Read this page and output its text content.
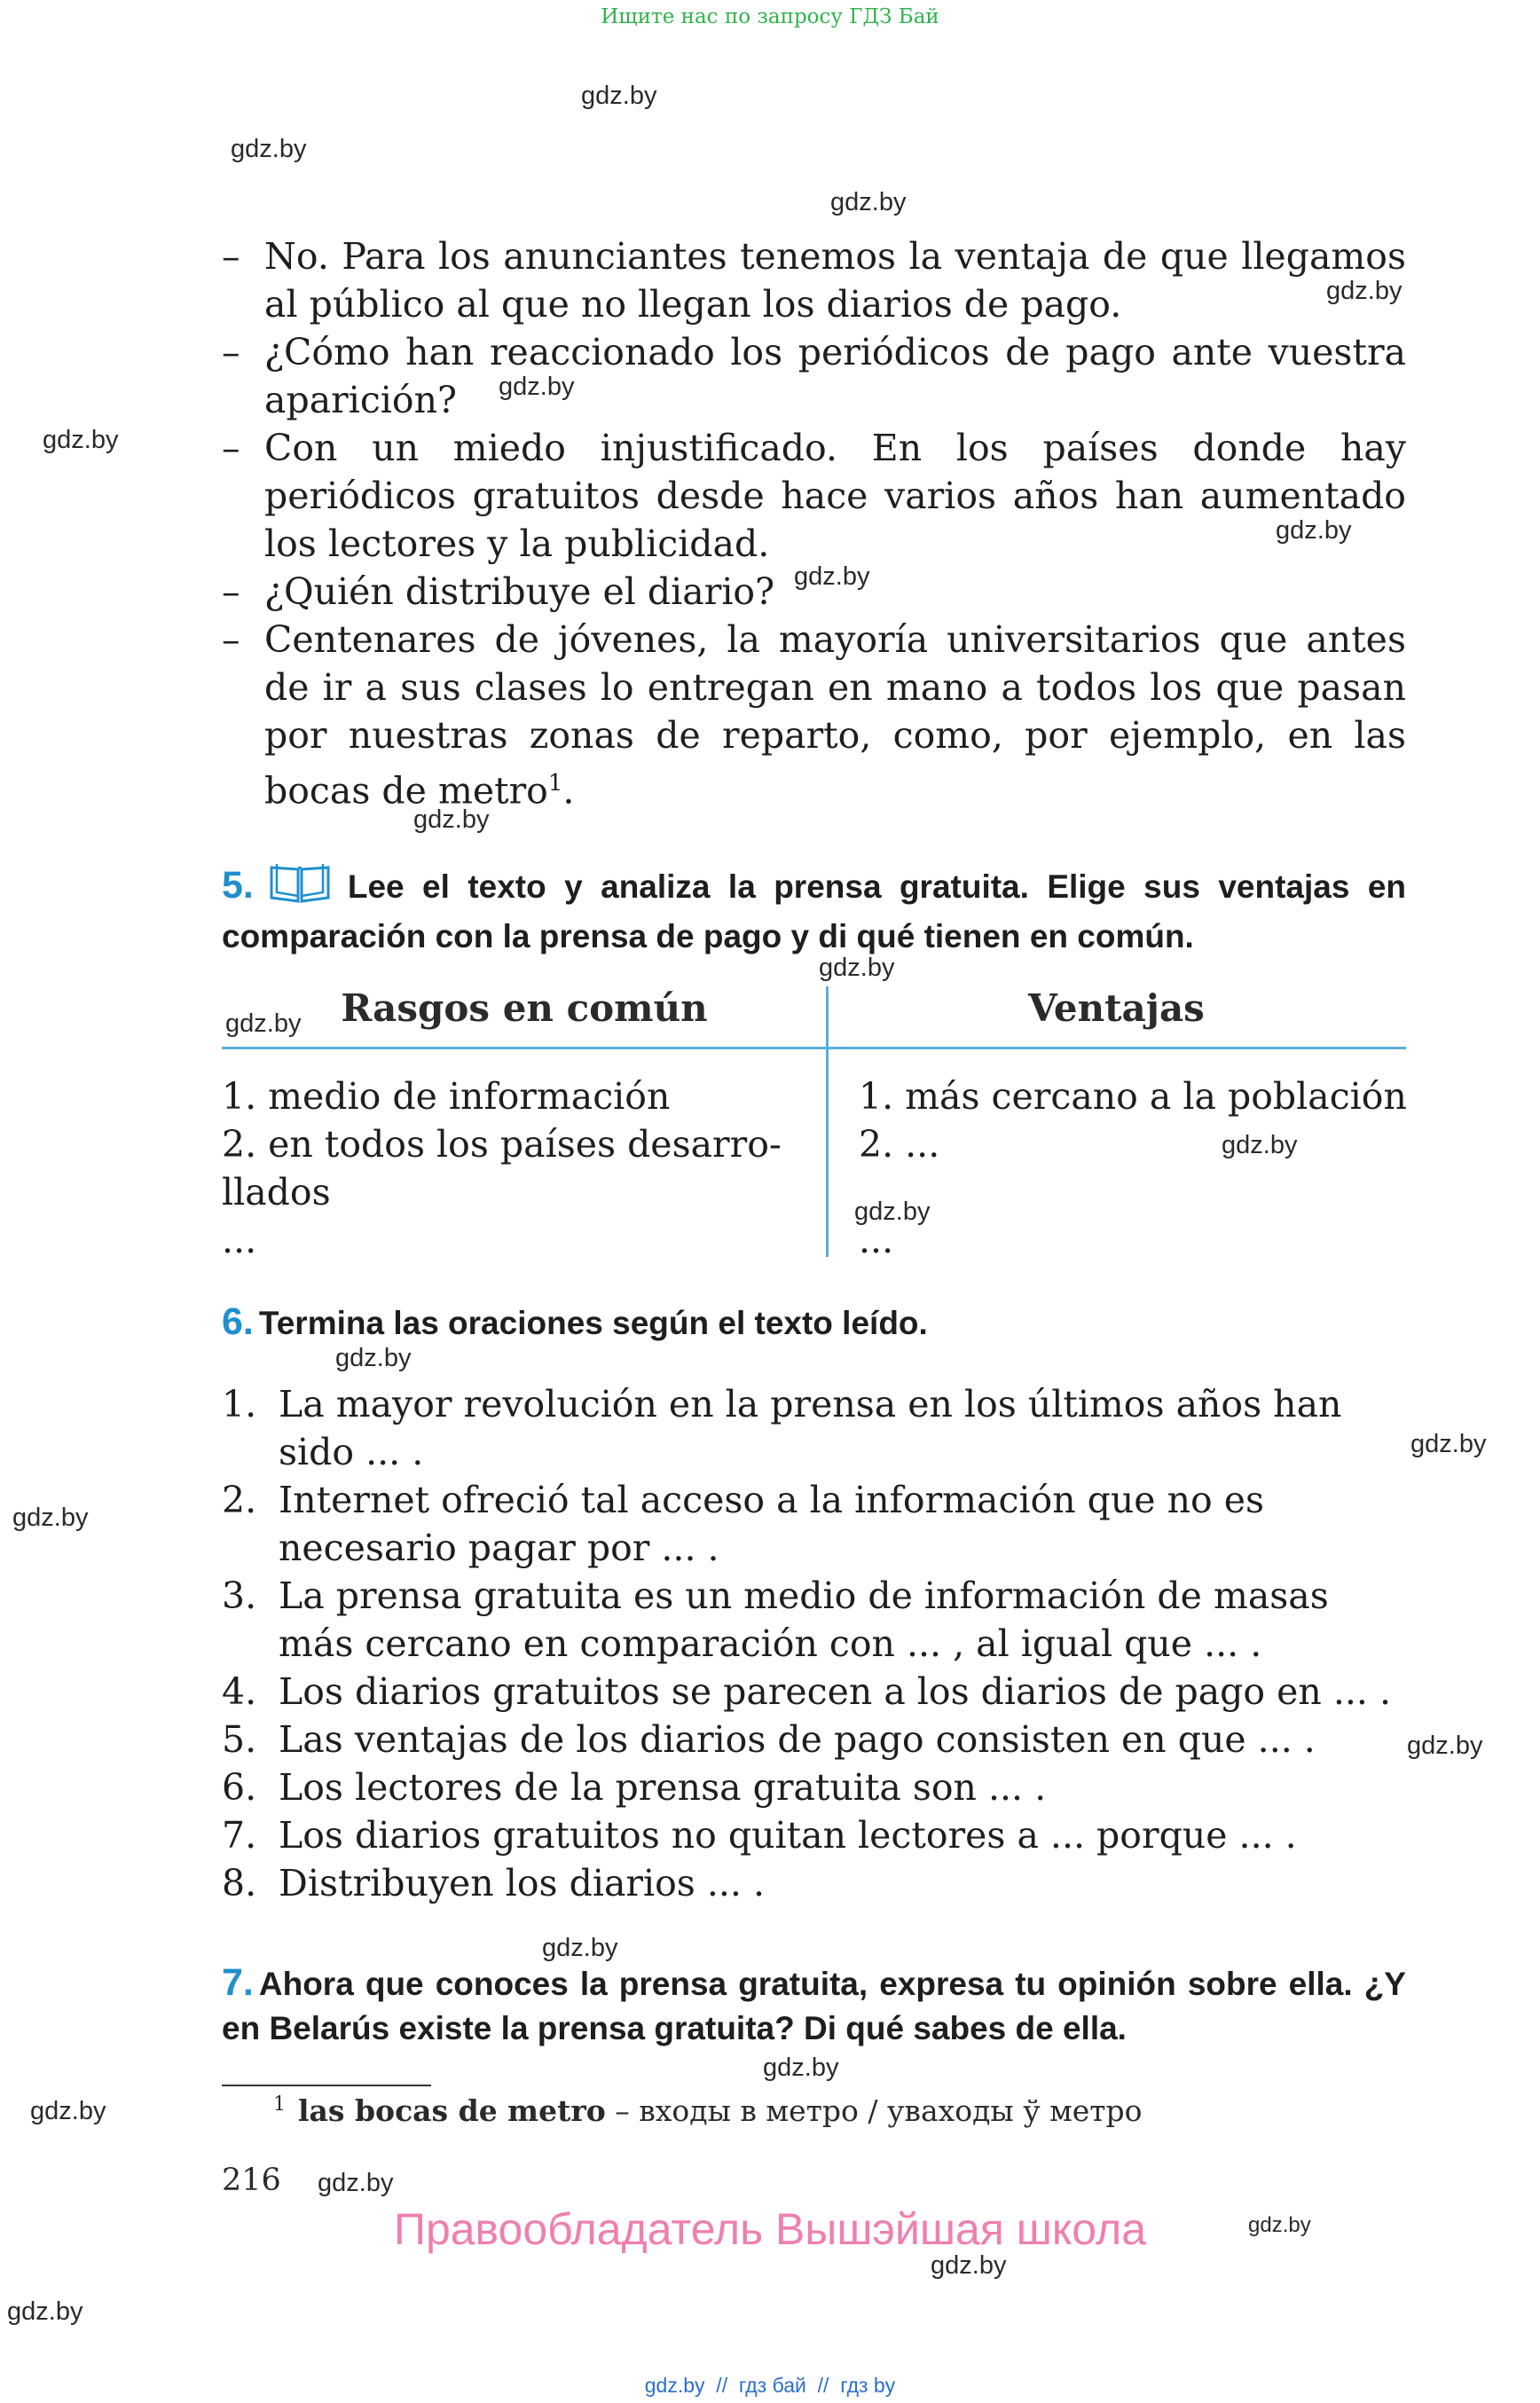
Ищите нас по запросу ГДЗ Бай
gdz.by
gdz.by
gdz.by
gdz.by
gdz.by
gdz.by
gdz.by
gdz.by
gdz.by
gdz.by
gdz.by
gdz.by
gdz.by
gdz.by
gdz.by
gdz.by
gdz.by
gdz.by
gdz.by
gdz.by
gdz.by
gdz.by
gdz.by
gdz.by
– No. Para los anunciantes tenemos la ventaja de que llegamos al público al que no llegan los diarios de pago.
– ¿Cómo han reaccionado los periódicos de pago ante vuestra aparición?
– Con un miedo injustificado. En los países donde hay periódicos gratuitos desde hace varios años han aumentado los lectores y la publicidad.
– ¿Quién distribuye el diario?
– Centenares de jóvenes, la mayoría universitarios que antes de ir a sus clases lo entregan en mano a todos los que pasan por nuestras zonas de reparto, como, por ejemplo, en las bocas de metro$^1$.
5.	Lee el texto y analiza la prensa gratuita. Elige sus ventajas en comparación con la prensa de pago y di qué tienen en común.
Rasgos en común	Ventajas
1. medio de información
2. en todos los países desarro-
llados
...
1. más cercano a la población
2. ...
...
6. Termina las oraciones según el texto leído.
1. La mayor revolución en la prensa en los últimos años han sido ... .
2. Internet ofreció tal acceso a la información que no es necesario pagar por ... .
3. La prensa gratuita es un medio de información de masas más cercano en comparación con ... , al igual que ... .
4. Los diarios gratuitos se parecen a los diarios de pago en ... .
5. Las ventajas de los diarios de pago consisten en que ... .
6. Los lectores de la prensa gratuita son ... .
7. Los diarios gratuitos no quitan lectores a ... porque ... .
8. Distribuyen los diarios ... .
7. Ahora que conoces la prensa gratuita, expresa tu opinión sobre ella. ¿Y en Belarús existe la prensa gratuita? Di qué sabes de ella.
$^1$ las bocas de metro – входы в метро / уваходы ў метро
216
Правообладатель Вышэйшая школа
gdz.by  //  гдз бай  //  гдз by
